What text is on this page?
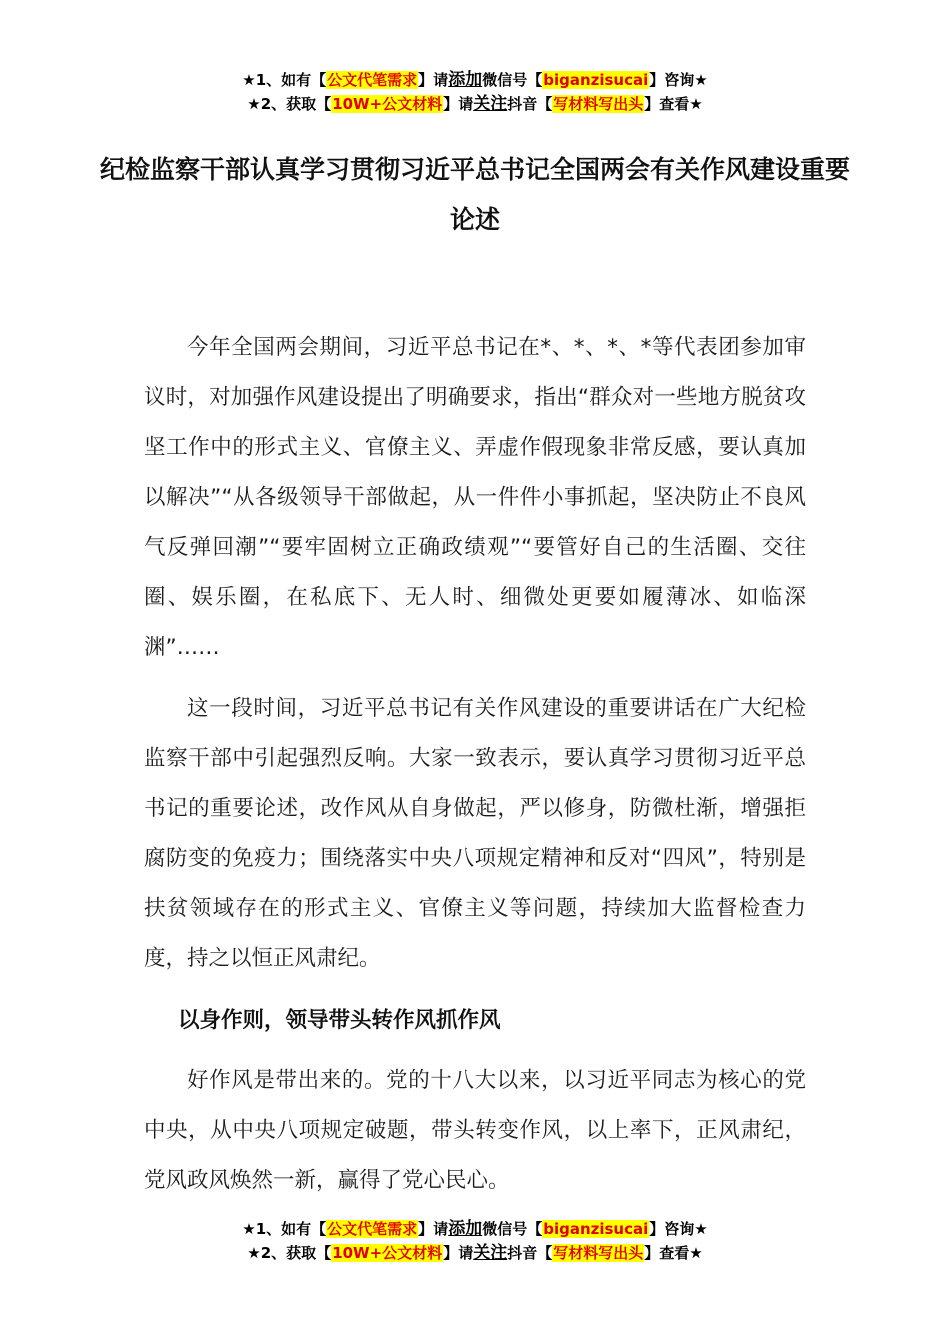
★1、如有【公文代笔需求】请添加微信号【biganzisucai】咨询★
★2、获取【10W+公文材料】请关注抖音【写材料写出头】查看★
纪检监察干部认真学习贯彻习近平总书记全国两会有关作风建设重要论述

今年全国两会期间，习近平总书记在*、*、*、*等代表团参加审议时，对加强作风建设提出了明确要求，指出“群众对一些地方脱贫攻坚工作中的形式主义、官僚主义、弄虚作假现象非常反感，要认真加以解决”“从各级领导干部做起，从一件件小事抓起，坚决防止不良风气反弹回潮”“要牢固树立正确政绩观”“要管好自己的生活圈、交往圈、娱乐圈，在私底下、无人时、细微处更要如履薄冰、如临深渊”……

这一段时间，习近平总书记有关作风建设的重要讲话在广大纪检监察干部中引起强烈反响。大家一致表示，要认真学习贯彻习近平总书记的重要论述，改作风从自身做起，严以修身，防微杜渐，增强拒腐防变的免疫力；围绕落实中央八项规定精神和反对“四风”，特别是扶贫领域存在的形式主义、官僚主义等问题，持续加大监督检查力度，持之以恒正风肃纪。

以身作则，领导带头转作风抓作风

好作风是带出来的。党的十八大以来，以习近平同志为核心的党中央，从中央八项规定破题，带头转变作风，以上率下，正风肃纪，党风政风焕然一新，赢得了党心民心。

★1、如有【公文代笔需求】请添加微信号【biganzisucai】咨询★
★2、获取【10W+公文材料】请关注抖音【写材料写出头】查看★
